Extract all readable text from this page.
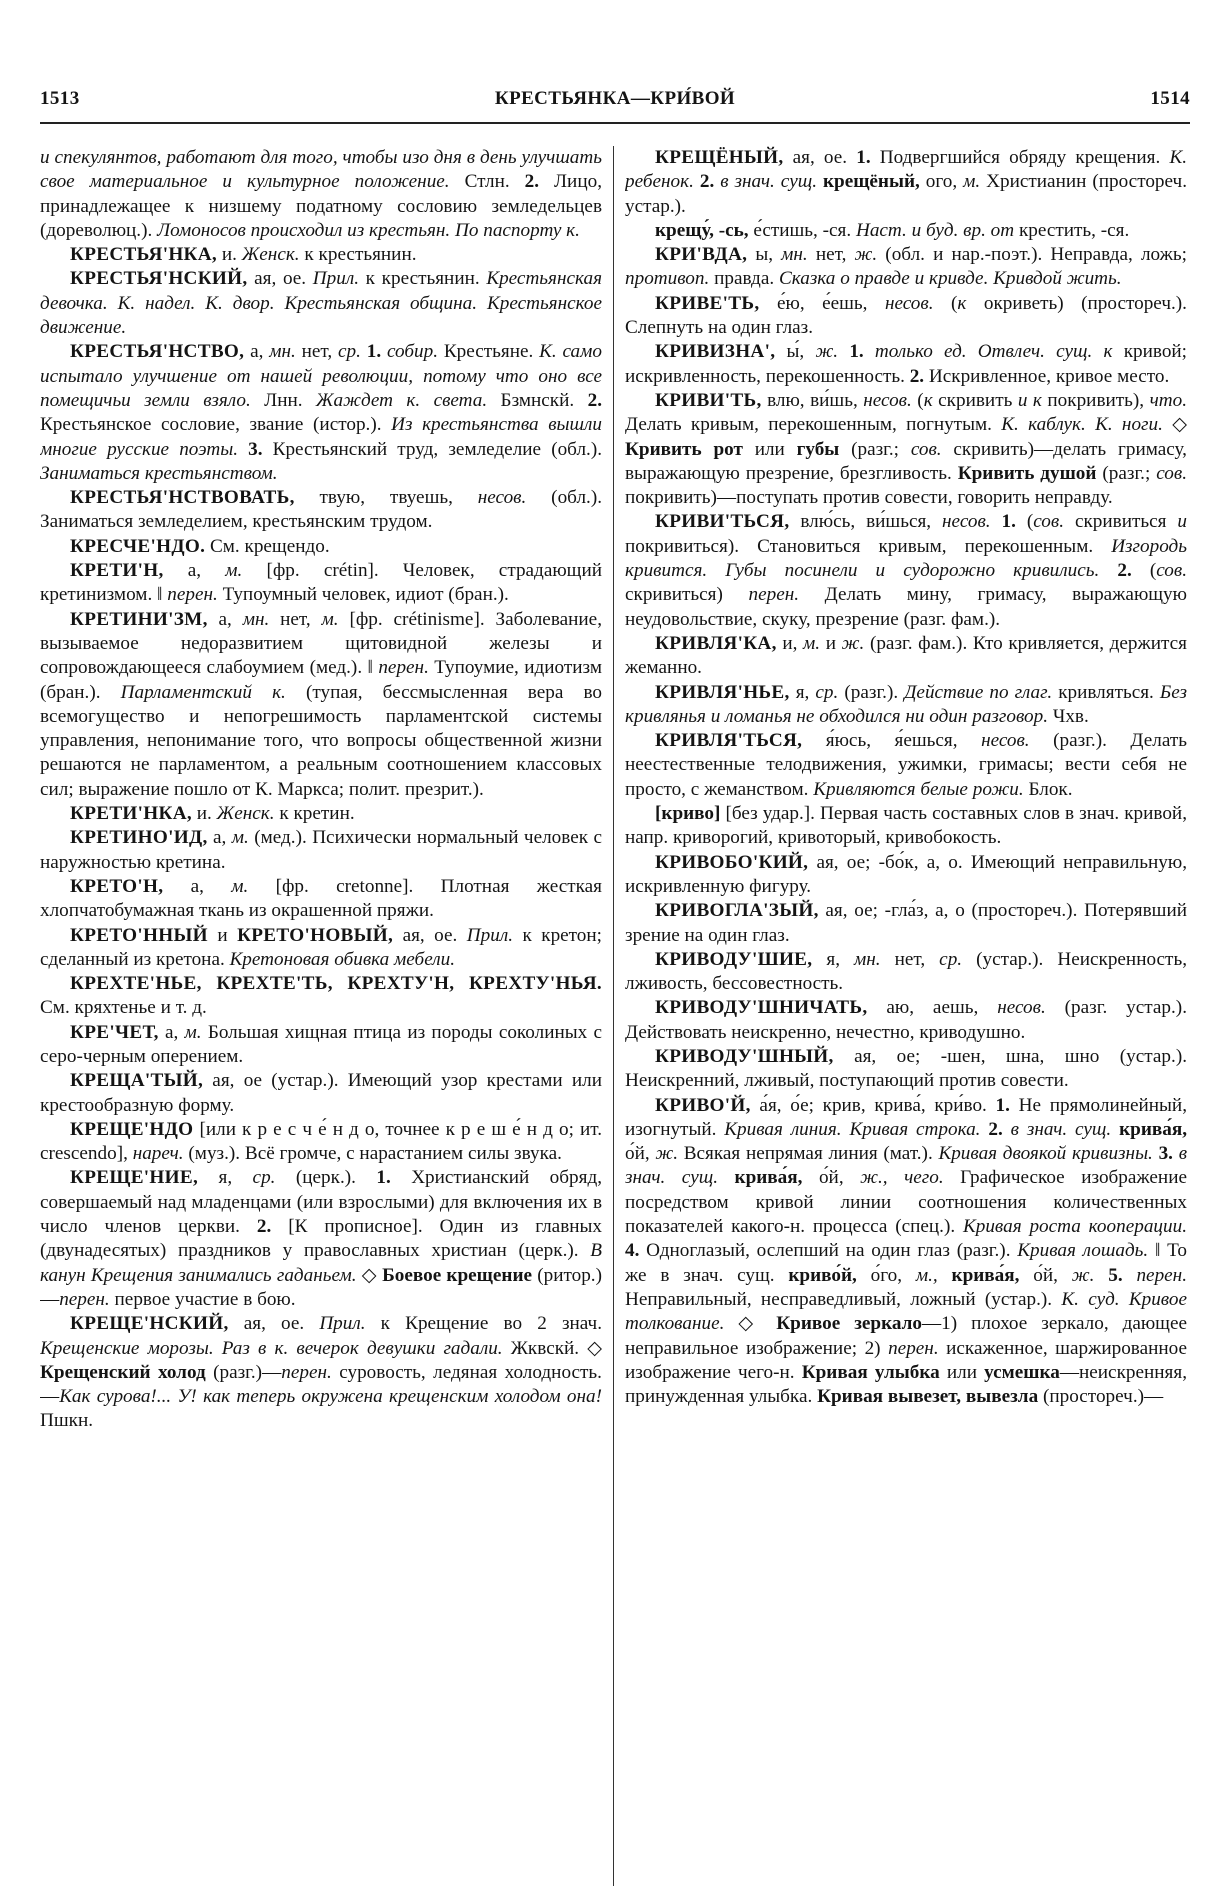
1513	КРЕСТЬЯНКА—КРИ́ВОЙ	1514

и спекулянтов, работают для того, чтобы изо дня в день улучшать свое материальное и культурное положение. Стлн. 2. Лицо, принадлежащее к низшему податному сословию земледельцев (дореволюц.). Ломоносов происходил из крестьян. По паспорту к.

КРЕСТЬЯ'НКА, и. Женск. к крестьянин.

КРЕСТЬЯ'НСКИЙ, ая, ое. Прил. к крестьянин. Крестьянская девочка. К. надел. К. двор. Крестьянская община. Крестьянское движение.

КРЕСТЬЯ'НСТВО, а, мн. нет, ср. 1. собир. Крестьяне. К. само испытало улучшение от нашей революции, потому что оно все помещичьи земли взяло. Лнн. Жаждет к. света. Бзмнскй. 2. Крестьянское сословие, звание (истор.). Из крестьянства вышли многие русские поэты. 3. Крестьянский труд, земледелие (обл.). Заниматься крестьянством.

КРЕСТЬЯ'НСТВОВАТЬ, твую, твуешь, несов. (обл.). Заниматься земледелием, крестьянским трудом.

КРЕСЧЕ'НДО. См. крещендо.

КРЕТИ'Н, а, м. [фр. crétin]. Человек, страдающий кретинизмом. ‖ перен. Тупоумный человек, идиот (бран.).

КРЕТИНИ'ЗМ, а, мн. нет, м. [фр. crétinisme]. Заболевание, вызываемое недоразвитием щитовидной железы и сопровождающееся слабоумием (мед.). ‖ перен. Тупоумие, идиотизм (бран.). Парламентский к. (тупая, бессмысленная вера во всемогущество и непогрешимость парламентской системы управления, непонимание того, что вопросы общественной жизни решаются не парламентом, а реальным соотношением классовых сил; выражение пошло от К. Маркса; полит. презрит.).

КРЕТИ'НКА, и. Женск. к кретин.

КРЕТИНО'ИД, а, м. (мед.). Психически нормальный человек с наружностью кретина.

КРЕТО'Н, а, м. [фр. cretonne]. Плотная жесткая хлопчатобумажная ткань из окрашенной пряжи.

КРЕТО'ННЫЙ и КРЕТО'НОВЫЙ, ая, ое. Прил. к кретон; сделанный из кретона. Кретоновая обивка мебели.

КРЕХТЕ'НЬЕ, КРЕХТЕ'ТЬ, КРЕХТУ'Н, КРЕХТУ'НЬЯ. См. кряхтенье и т. д.

КРЕ'ЧЕТ, а, м. Большая хищная птица из породы соколиных с серо-черным оперением.

КРЕЩА'ТЫЙ, ая, ое (устар.). Имеющий узор крестами или крестообразную форму.

КРЕЩЕ'НДО [или к р е с ч е́ н д о, точнее к р е ш е́ н д о; ит. crescendo], нареч. (муз.). Всё громче, с нарастанием силы звука.

КРЕЩЕ'НИЕ, я, ср. (церк.). 1. Христианский обряд, совершаемый над младенцами (или взрослыми) для включения их в число членов церкви. 2. [К прописное]. Один из главных (двунадесятых) праздников у православных христиан (церк.). В канун Крещения занимались гаданьем. ◇ Боевое крещение (ритор.)—перен. первое участие в бою.

КРЕЩЕ'НСКИЙ, ая, ое. Прил. к Крещение во 2 знач. Крещенские морозы. Раз в к. вечерок девушки гадали. Жквскй. ◇ Крещенский холод (разг.)—перен. суровость, ледяная холодность. —Как сурова!... У! как теперь окружена крещенским холодом она! Пшкн.

КРЕЩЁНЫЙ, ая, ое. 1. Подвергшийся обряду крещения. К. ребенок. 2. в знач. сущ. крещёный, ого, м. Христианин (простореч. устар.).

крещу́, -сь, е́стишь, -ся. Наст. и буд. вр. от крестить, -ся.

КРИ'ВДА, ы, мн. нет, ж. (обл. и нар.-поэт.). Неправда, ложь; противоп. правда. Сказка о правде и кривде. Кривдой жить.

КРИВЕ'ТЬ, е́ю, е́ешь, несов. (к окриветь) (простореч.). Слепнуть на один глаз.

КРИВИЗНА', ы́, ж. 1. только ед. Отвлеч. сущ. к кривой; искривленность, перекошенность. 2. Искривленное, кривое место.

КРИВИ'ТЬ, влю, ви́шь, несов. (к скривить и к покривить), что. Делать кривым, перекошенным, погнутым. К. каблук. К. ноги. ◇ Кривить рот или губы (разг.; сов. скривить)—делать гримасу, выражающую презрение, брезгливость. Кривить душой (разг.; сов. покривить)—поступать против совести, говорить неправду.

КРИВИ'ТЬСЯ, влю́сь, ви́шься, несов. 1. (сов. скривиться и покривиться). Становиться кривым, перекошенным. Изгородь кривится. Губы посинели и судорожно кривились. 2. (сов. скривиться) перен. Делать мину, гримасу, выражающую неудовольствие, скуку, презрение (разг. фам.).

КРИВЛЯ'КА, и, м. и ж. (разг. фам.). Кто кривляется, держится жеманно.

КРИВЛЯ'НЬЕ, я, ср. (разг.). Действие по глаг. кривляться. Без кривлянья и ломанья не обходился ни один разговор. Чхв.

КРИВЛЯ'ТЬСЯ, я́юсь, я́ешься, несов. (разг.). Делать неестественные телодвижения, ужимки, гримасы; вести себя не просто, с жеманством. Кривляются белые рожи. Блок.

[криво] [без удар.]. Первая часть составных слов в знач. кривой, напр. криворогий, кривоторый, кривобокость.

КРИВОБО'КИЙ, ая, ое; -бо́к, а, о. Имеющий неправильную, искривленную фигуру.

КРИВОГЛА'ЗЫЙ, ая, ое; -гла́з, а, о (простореч.). Потерявший зрение на один глаз.

КРИВОДУ'ШИЕ, я, мн. нет, ср. (устар.). Неискренность, лживость, бессовестность.

КРИВОДУ'ШНИЧАТЬ, аю, аешь, несов. (разг. устар.). Действовать неискренно, нечестно, криводушно.

КРИВОДУ'ШНЫЙ, ая, ое; -шен, шна, шно (устар.). Неискренний, лживый, поступающий против совести.

КРИВО'Й, а́я, о́е; крив, крива́, кри́во. 1. Не прямолинейный, изогнутый. Кривая линия. Кривая строка. 2. в знач. сущ. крива́я, о́й, ж. Всякая непрямая линия (мат.). Кривая двоякой кривизны. 3. в знач. сущ. крива́я, о́й, ж., чего. Графическое изображение посредством кривой линии соотношения количественных показателей какого-н. процесса (спец.). Кривая роста кооперации. 4. Одноглазый, ослепший на один глаз (разг.). Кривая лошадь. ‖ То же в знач. сущ. криво́й, о́го, м., крива́я, о́й, ж. 5. перен. Неправильный, несправедливый, ложный (устар.). К. суд. Кривое толкование. ◇ Кривое зеркало—1) плохое зеркало, дающее неправильное изображение; 2) перен. искаженное, шаржированное изображение чего-н. Кривая улыбка или усмешка—неискренняя, принужденная улыбка. Кривая вывезет, вывезла (простореч.)—
